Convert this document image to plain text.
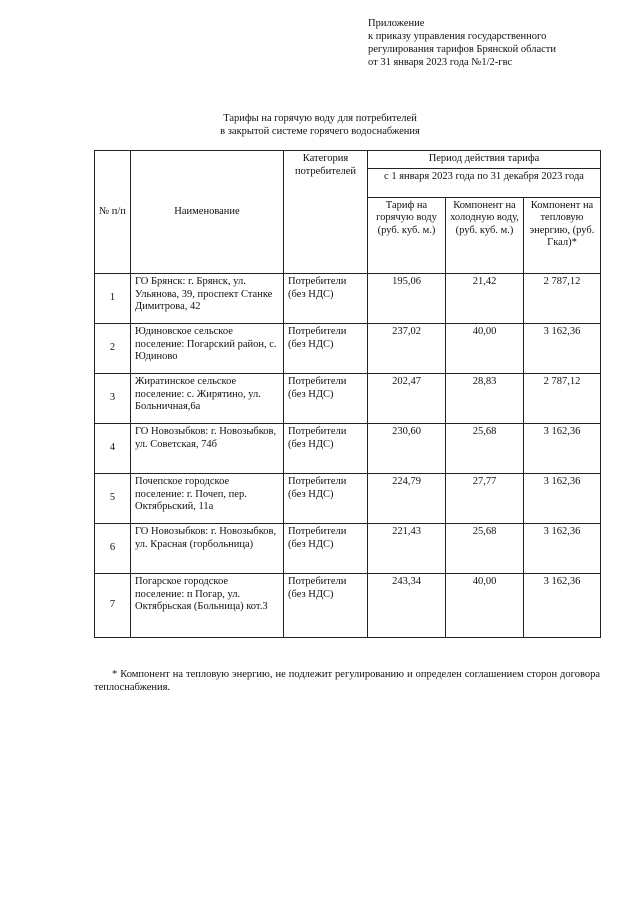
Приложение
к приказу управления государственного
регулирования тарифов Брянской области
от 31 января 2023 года №1/2-гвс
Тарифы на горячую воду для потребителей
в закрытой системе горячего водоснабжения
№ п/п	Наименование	Категория потребителей	Период действия тарифа		
			с 1 января 2023 года по 31 декабря 2023 года		
			Тариф на горячую воду (руб. куб. м.)	Компонент на холодную воду, (руб. куб. м.)	Компонент на тепловую энергию, (руб. Гкал)*
1	ГО Брянск: г. Брянск, ул. Ульянова, 39, проспект Станке Димитрова, 42	Потребители (без НДС)	195,06	21,42	2 787,12
2	Юдиновское сельское поселение: Погарский район, с. Юдиново	Потребители (без НДС)	237,02	40,00	3 162,36
3	Жиратинское сельское поселение: с. Жирятино, ул. Больничная,6а	Потребители (без НДС)	202,47	28,83	2 787,12
4	ГО Новозыбков: г. Новозыбков, ул. Советская, 74б	Потребители (без НДС)	230,60	25,68	3 162,36
5	Почепское городское поселение: г. Почеп, пер. Октябрьский, 11а	Потребители (без НДС)	224,79	27,77	3 162,36
6	ГО Новозыбков: г. Новозыбков, ул. Красная (горбольница)	Потребители (без НДС)	221,43	25,68	3 162,36
7	Погарское городское поселение: п Погар, ул. Октябрьская (Больница) кот.3	Потребители (без НДС)	243,34	40,00	3 162,36
* Компонент на тепловую энергию, не подлежит регулированию и определен соглашением сторон договора теплоснабжения.
